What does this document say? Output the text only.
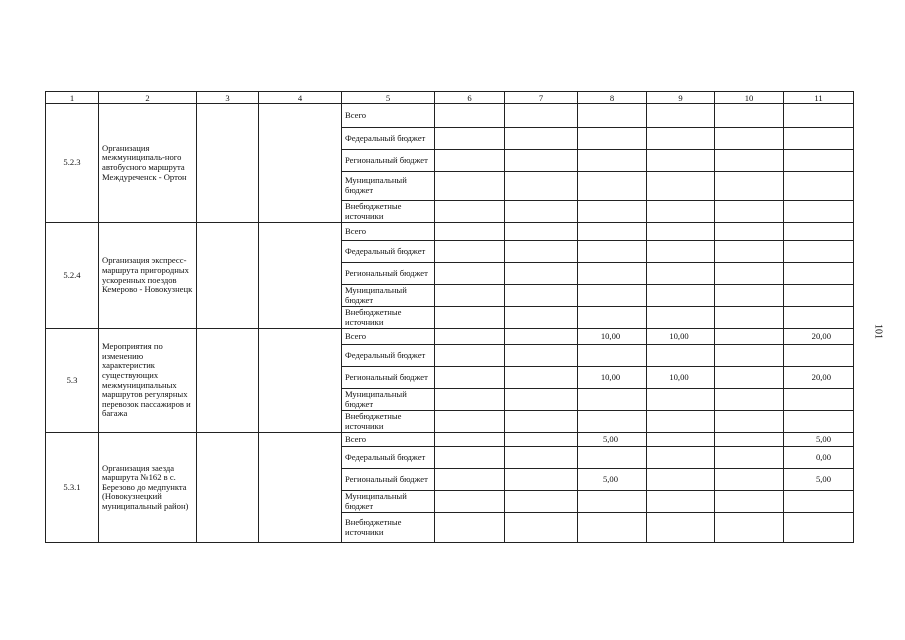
1	2	3	4	5	6	7	8	9	10	11
5.2.3	Организация межмуниципаль-ного автобусного маршрута Междуреченск - Ортон			Всего						
				Федеральный бюджет						
				Региональный бюджет						
				Муниципальный бюджет						
				Внебюджетные источники						
5.2.4	Организация экспресс-маршрута пригородных ускоренных поездов Кемерово - Новокузнецк			Всего						
				Федеральный бюджет						
				Региональный бюджет						
				Муниципальный бюджет						
				Внебюджетные источники						
5.3	Мероприятия по изменению характеристик существующих межмуниципальных маршрутов регулярных перевозок пассажиров и багажа			Всего			10,00	10,00		20,00
				Федеральный бюджет						
				Региональный бюджет			10,00	10,00		20,00
				Муниципальный бюджет						
				Внебюджетные источники						
5.3.1	Организация заезда маршрута №162 в с. Березово до медпункта (Новокузнецкий муниципальный район)			Всего			5,00			5,00
				Федеральный бюджет						0,00
				Региональный бюджет			5,00			5,00
				Муниципальный бюджет						
				Внебюджетные источники						
101
